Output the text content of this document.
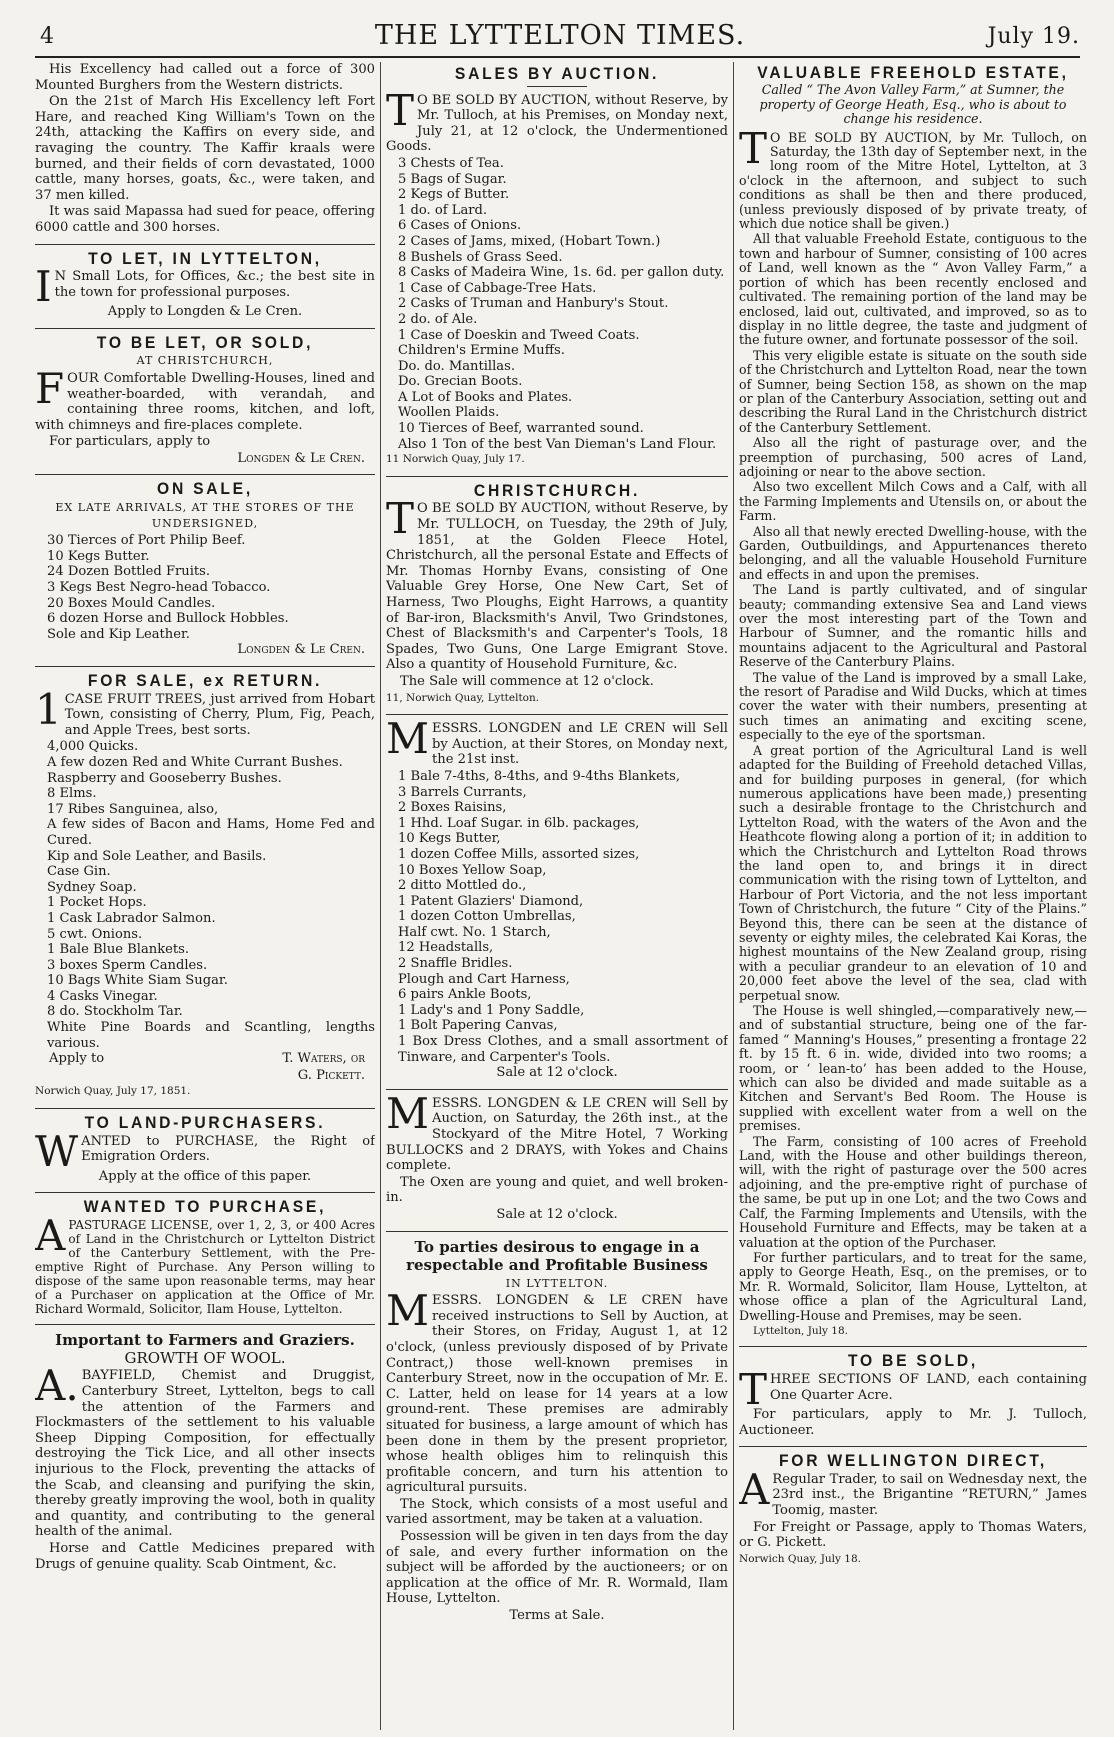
4	THE LYTTELTON TIMES.	July 19.

His Excellency had called out a force of 300 Mounted Burghers from the Western districts.

On the 21st of March His Excellency left Fort Hare, and reached King William's Town on the 24th, attacking the Kaffirs on every side, and ravaging the country. The Kaffir kraals were burned, and their fields of corn devastated, 1000 cattle, many horses, goats, &c., were taken, and 37 men killed.

It was said Mapassa had sued for peace, offering 6000 cattle and 300 horses.

TO LET, IN LYTTELTON,

I N Small Lots, for Offices, &c.; the best site in the town for professional purposes.

Apply to Longden & Le Cren.

TO BE LET, OR SOLD,
AT CHRISTCHURCH,

FOUR Comfortable Dwelling-Houses, lined and weather-boarded, with verandah, and containing three rooms, kitchen, and loft, with chimneys and fire-places complete.

For particulars, apply to

Longden & Le Cren.

ON SALE,
EX LATE ARRIVALS, AT THE STORES OF THE UNDERSIGNED,

30 Tierces of Port Philip Beef.

10 Kegs Butter.

24 Dozen Bottled Fruits.

3 Kegs Best Negro-head Tobacco.

20 Boxes Mould Candles.

6 dozen Horse and Bullock Hobbles.

Sole and Kip Leather.

Longden & Le Cren.

FOR SALE, ex RETURN.

1 CASE FRUIT TREES, just arrived from Hobart Town, consisting of Cherry, Plum, Fig, Peach, and Apple Trees, best sorts.

4,000 Quicks.

A few dozen Red and White Currant Bushes.

Raspberry and Gooseberry Bushes.

8 Elms.

17 Ribes Sanguinea, also,

A few sides of Bacon and Hams, Home Fed and Cured.

Kip and Sole Leather, and Basils.

Case Gin.

Sydney Soap.

1 Pocket Hops.

1 Cask Labrador Salmon.

5 cwt. Onions.

1 Bale Blue Blankets.

3 boxes Sperm Candles.

10 Bags White Siam Sugar.

4 Casks Vinegar.

8 do. Stockholm Tar.

White Pine Boards and Scantling, lengths various.

Apply to	T. Waters, or

G. Pickett.

Norwich Quay, July 17, 1851.

TO LAND-PURCHASERS.

WANTED to PURCHASE, the Right of Emigration Orders.

Apply at the office of this paper.

WANTED TO PURCHASE,

APASTURAGE LICENSE, over 1, 2, 3, or 400 Acres of Land in the Christchurch or Lyttelton District of the Canterbury Settlement, with the Pre-emptive Right of Purchase. Any Person willing to dispose of the same upon reasonable terms, may hear of a Purchaser on application at the Office of Mr. Richard Wormald, Solicitor, Ilam House, Lyttelton.

Important to Farmers and Graziers.
GROWTH OF WOOL.

A. BAYFIELD, Chemist and Druggist, Canterbury Street, Lyttelton, begs to call the attention of the Farmers and Flockmasters of the settlement to his valuable Sheep Dipping Composition, for effectually destroying the Tick Lice, and all other insects injurious to the Flock, preventing the attacks of the Scab, and cleansing and purifying the skin, thereby greatly improving the wool, both in quality and quantity, and contributing to the general health of the animal.

Horse and Cattle Medicines prepared with Drugs of genuine quality. Scab Ointment, &c.

SALES BY AUCTION.

T O BE SOLD BY AUCTION, without Reserve, by Mr. Tulloch, at his Premises, on Monday next, July 21, at 12 o'clock, the Undermentioned Goods.

3 Chests of Tea.

5 Bags of Sugar.

2 Kegs of Butter.

1 do. of Lard.

6 Cases of Onions.

2 Cases of Jams, mixed, (Hobart Town.)

8 Bushels of Grass Seed.

8 Casks of Madeira Wine, 1s. 6d. per gallon duty.

1 Case of Cabbage-Tree Hats.

2 Casks of Truman and Hanbury's Stout.

2 do. of Ale.

1 Case of Doeskin and Tweed Coats.

Children's Ermine Muffs.

Do. do. Mantillas.

Do. Grecian Boots.

A Lot of Books and Plates.

Woollen Plaids.

10 Tierces of Beef, warranted sound.

Also 1 Ton of the best Van Dieman's Land Flour.

11 Norwich Quay, July 17.

CHRISTCHURCH.

T O BE SOLD BY AUCTION, without Reserve, by Mr. TULLOCH, on Tuesday, the 29th of July, 1851, at the Golden Fleece Hotel, Christchurch, all the personal Estate and Effects of Mr. Thomas Hornby Evans, consisting of One Valuable Grey Horse, One New Cart, Set of Harness, Two Ploughs, Eight Harrows, a quantity of Bar-iron, Blacksmith's Anvil, Two Grindstones, Chest of Blacksmith's and Carpenter's Tools, 18 Spades, Two Guns, One Large Emigrant Stove. Also a quantity of Household Furniture, &c.

The Sale will commence at 12 o'clock.

11, Norwich Quay, Lyttelton.

MESSRS. LONGDEN and LE CREN will Sell by Auction, at their Stores, on Monday next, the 21st inst.

1 Bale 7-4ths, 8-4ths, and 9-4ths Blankets,

3 Barrels Currants,

2 Boxes Raisins,

1 Hhd. Loaf Sugar. in 6lb. packages,

10 Kegs Butter,

1 dozen Coffee Mills, assorted sizes,

10 Boxes Yellow Soap,

2 ditto Mottled do.,

1 Patent Glaziers' Diamond,

1 dozen Cotton Umbrellas,

Half cwt. No. 1 Starch,

12 Headstalls,

2 Snaffle Bridles.

Plough and Cart Harness,

6 pairs Ankle Boots,

1 Lady's and 1 Pony Saddle,

1 Bolt Papering Canvas,

1 Box Dress Clothes, and a small assortment of Tinware, and Carpenter's Tools.

Sale at 12 o'clock.

MESSRS. LONGDEN & LE CREN will Sell by Auction, on Saturday, the 26th inst., at the Stockyard of the Mitre Hotel, 7 Working BULLOCKS and 2 DRAYS, with Yokes and Chains complete.

The Oxen are young and quiet, and well broken-in.

Sale at 12 o'clock.

To parties desirous to engage in a respectable and Profitable Business
IN LYTTELTON.

MESSRS. LONGDEN & LE CREN have received instructions to Sell by Auction, at their Stores, on Friday, August 1, at 12 o'clock, (unless previously disposed of by Private Contract,) those well-known premises in Canterbury Street, now in the occupation of Mr. E. C. Latter, held on lease for 14 years at a low ground-rent. These premises are admirably situated for business, a large amount of which has been done in them by the present proprietor, whose health obliges him to relinquish this profitable concern, and turn his attention to agricultural pursuits.

The Stock, which consists of a most useful and varied assortment, may be taken at a valuation.

Possession will be given in ten days from the day of sale, and every further information on the subject will be afforded by the auctioneers; or on application at the office of Mr. R. Wormald, Ilam House, Lyttelton.

Terms at Sale.

VALUABLE FREEHOLD ESTATE,

Called “ The Avon Valley Farm,” at Sumner, the property of George Heath, Esq., who is about to change his residence.

T O BE SOLD BY AUCTION, by Mr. Tulloch, on Saturday, the 13th day of September next, in the long room of the Mitre Hotel, Lyttelton, at 3 o'clock in the afternoon, and subject to such conditions as shall be then and there produced, (unless previously disposed of by private treaty, of which due notice shall be given.)

All that valuable Freehold Estate, contiguous to the town and harbour of Sumner, consisting of 100 acres of Land, well known as the “ Avon Valley Farm,” a portion of which has been recently enclosed and cultivated. The remaining portion of the land may be enclosed, laid out, cultivated, and improved, so as to display in no little degree, the taste and judgment of the future owner, and fortunate possessor of the soil.

This very eligible estate is situate on the south side of the Christchurch and Lyttelton Road, near the town of Sumner, being Section 158, as shown on the map or plan of the Canterbury Association, setting out and describing the Rural Land in the Christchurch district of the Canterbury Settlement.

Also all the right of pasturage over, and the preemption of purchasing, 500 acres of Land, adjoining or near to the above section.

Also two excellent Milch Cows and a Calf, with all the Farming Implements and Utensils on, or about the Farm.

Also all that newly erected Dwelling-house, with the Garden, Outbuildings, and Appurtenances thereto belonging, and all the valuable Household Furniture and effects in and upon the premises.

The Land is partly cultivated, and of singular beauty; commanding extensive Sea and Land views over the most interesting part of the Town and Harbour of Sumner, and the romantic hills and mountains adjacent to the Agricultural and Pastoral Reserve of the Canterbury Plains.

The value of the Land is improved by a small Lake, the resort of Paradise and Wild Ducks, which at times cover the water with their numbers, presenting at such times an animating and exciting scene, especially to the eye of the sportsman.

A great portion of the Agricultural Land is well adapted for the Building of Freehold detached Villas, and for building purposes in general, (for which numerous applications have been made,) presenting such a desirable frontage to the Christchurch and Lyttelton Road, with the waters of the Avon and the Heathcote flowing along a portion of it; in addition to which the Christchurch and Lyttelton Road throws the land open to, and brings it in direct communication with the rising town of Lyttelton, and Harbour of Port Victoria, and the not less important Town of Christchurch, the future “ City of the Plains.” Beyond this, there can be seen at the distance of seventy or eighty miles, the celebrated Kai Koras, the highest mountains of the New Zealand group, rising with a peculiar grandeur to an elevation of 10 and 20,000 feet above the level of the sea, clad with perpetual snow.

The House is well shingled,—comparatively new,—and of substantial structure, being one of the far-famed “ Manning's Houses,” presenting a frontage 22 ft. by 15 ft. 6 in. wide, divided into two rooms; a room, or ‘ lean-to’ has been added to the House, which can also be divided and made suitable as a Kitchen and Servant's Bed Room. The House is supplied with excellent water from a well on the premises.

The Farm, consisting of 100 acres of Freehold Land, with the House and other buildings thereon, will, with the right of pasturage over the 500 acres adjoining, and the pre-emptive right of purchase of the same, be put up in one Lot; and the two Cows and Calf, the Farming Implements and Utensils, with the Household Furniture and Effects, may be taken at a valuation at the option of the Purchaser.

For further particulars, and to treat for the same, apply to George Heath, Esq., on the premises, or to Mr. R. Wormald, Solicitor, Ilam House, Lyttelton, at whose office a plan of the Agricultural Land, Dwelling-House and Premises, may be seen.

Lyttelton, July 18.

TO BE SOLD,

THREE SECTIONS OF LAND, each containing One Quarter Acre.

For particulars, apply to Mr. J. Tulloch, Auctioneer.

FOR WELLINGTON DIRECT,

A Regular Trader, to sail on Wednesday next, the 23rd inst., the Brigantine “RETURN,” James Toomig, master.

For Freight or Passage, apply to Thomas Waters, or G. Pickett.

Norwich Quay, July 18.
